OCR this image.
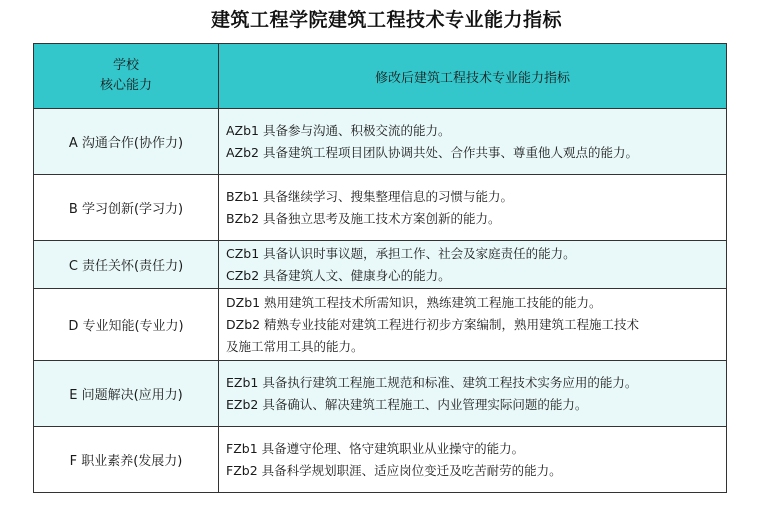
建筑工程学院建筑工程技术专业能力指标
学校
核心能力	修改后建筑工程技术专业能力指标
A 沟通合作(协作力)	AZb1 具备参与沟通、积极交流的能力。
AZb2 具备建筑工程项目团队协调共处、合作共事、尊重他人观点的能力。

B 学习创新(学习力)	BZb1 具备继续学习、搜集整理信息的习惯与能力。
BZb2 具备独立思考及施工技术方案创新的能力。

C 责任关怀(责任力)	CZb1 具备认识时事议题，承担工作、社会及家庭责任的能力。
CZb2 具备建筑人文、健康身心的能力。

D 专业知能(专业力)	DZb1 熟用建筑工程技术所需知识，熟练建筑工程施工技能的能力。
DZb2 精熟专业技能对建筑工程进行初步方案编制，熟用建筑工程施工技术
及施工常用工具的能力。

E 问题解决(应用力)	EZb1 具备执行建筑工程施工规范和标准、建筑工程技术实务应用的能力。
EZb2 具备确认、解决建筑工程施工、内业管理实际问题的能力。

F 职业素养(发展力)	FZb1 具备遵守伦理、恪守建筑职业从业操守的能力。
FZb2 具备科学规划职涯、适应岗位变迁及吃苦耐劳的能力。
